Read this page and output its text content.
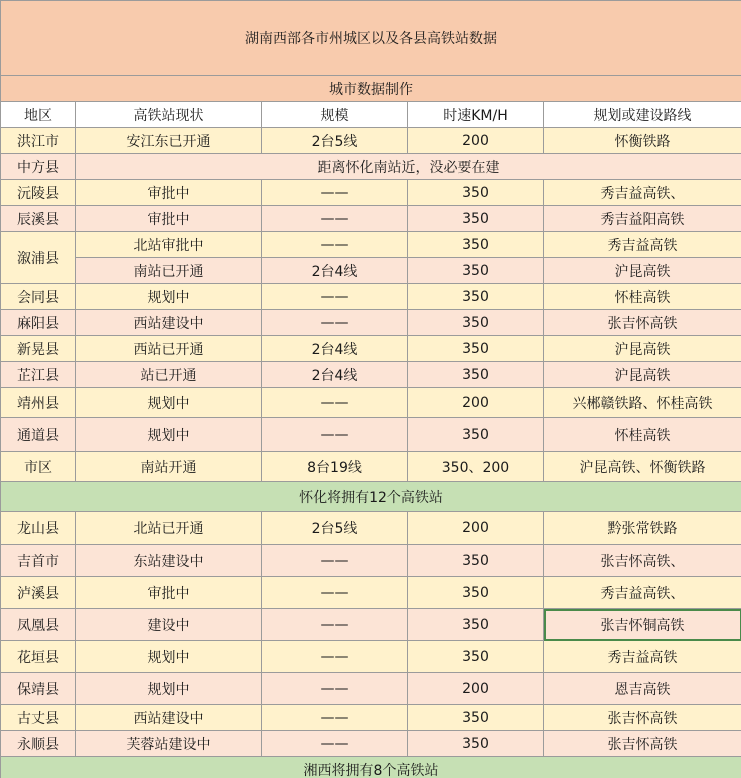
湖南西部各市州城区以及各县高铁站数据				
城市数据制作				
地区	高铁站现状	规模	时速KM/H	规划或建设路线
洪江市	安江东已开通	2台5线	200	怀衡铁路
中方县	距离怀化南站近，没必要在建			
沅陵县	审批中	——	350	秀吉益高铁、
辰溪县	审批中	——	350	秀吉益阳高铁
溆浦县	北站审批中	——	350	秀吉益高铁
	南站已开通	2台4线	350	沪昆高铁
会同县	规划中	——	350	怀桂高铁
麻阳县	西站建设中	——	350	张吉怀高铁
新晃县	西站已开通	2台4线	350	沪昆高铁
芷江县	站已开通	2台4线	350	沪昆高铁
靖州县	规划中	——	200	兴郴赣铁路、怀桂高铁
通道县	规划中	——	350	怀桂高铁
市区	南站开通	8台19线	350、200	沪昆高铁、怀衡铁路
怀化将拥有12个高铁站				
龙山县	北站已开通	2台5线	200	黔张常铁路
吉首市	东站建设中	——	350	张吉怀高铁、
泸溪县	审批中	——	350	秀吉益高铁、
凤凰县	建设中	——	350	张吉怀铜高铁
花垣县	规划中	——	350	秀吉益高铁
保靖县	规划中	——	200	恩吉高铁
古丈县	西站建设中	——	350	张吉怀高铁
永顺县	芙蓉站建设中	——	350	张吉怀高铁
湘西将拥有8个高铁站				
